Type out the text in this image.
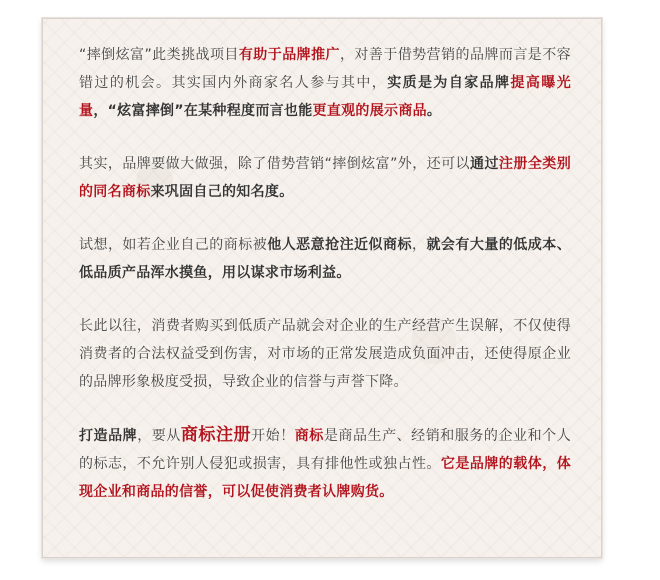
“摔倒炫富”此类挑战项目有助于品牌推广，对善于借势营销的品牌而言是不容错过的机会。其实国内外商家名人参与其中，实质是为自家品牌提高曝光量，“炫富摔倒”在某种程度而言也能更直观的展示商品。

其实，品牌要做大做强，除了借势营销“摔倒炫富”外，还可以通过注册全类别的同名商标来巩固自己的知名度。

试想，如若企业自己的商标被他人恶意抢注近似商标，就会有大量的低成本、低品质产品浑水摸鱼，用以谋求市场利益。

长此以往，消费者购买到低质产品就会对企业的生产经营产生误解，不仅使得消费者的合法权益受到伤害，对市场的正常发展造成负面冲击，还使得原企业的品牌形象极度受损，导致企业的信誉与声誉下降。

打造品牌，要从商标注册开始！商标是商品生产、经销和服务的企业和个人的标志，不允许别人侵犯或损害，具有排他性或独占性。它是品牌的载体，体现企业和商品的信誉，可以促使消费者认牌购货。
